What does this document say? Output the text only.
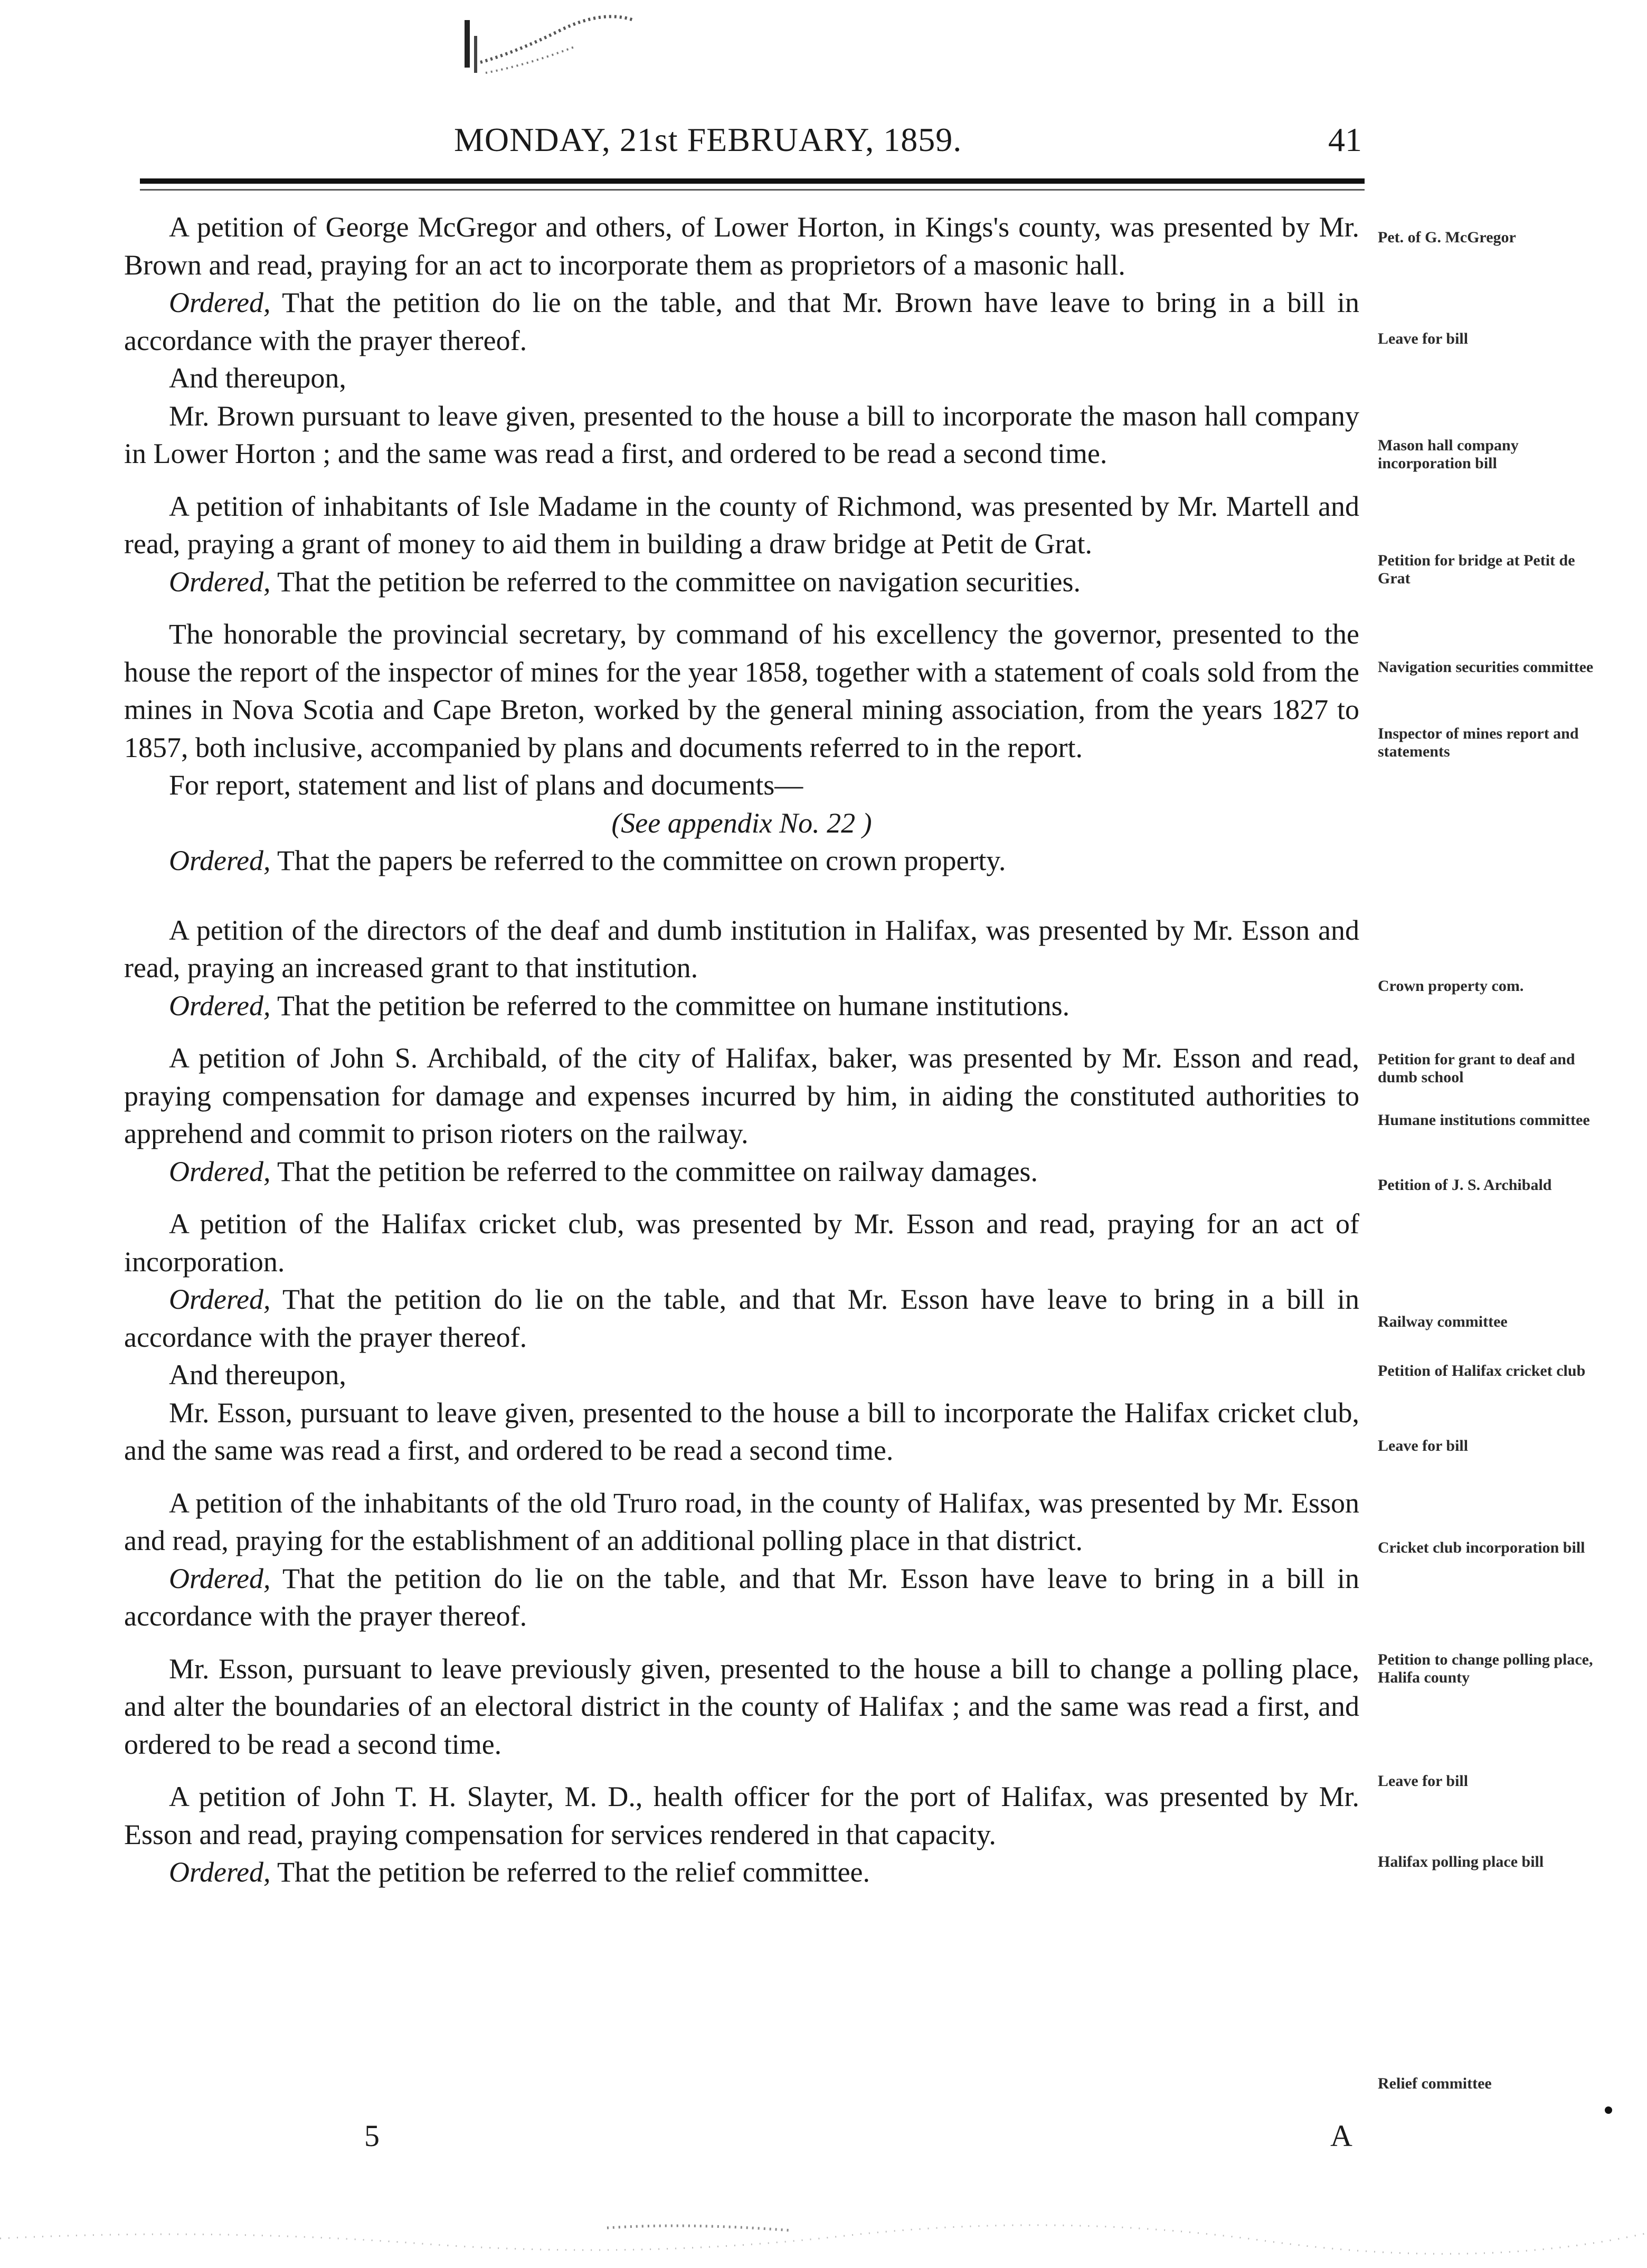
MONDAY, 21st FEBRUARY, 1859.	41

A petition of George McGregor and others, of Lower Horton, in Kings's county, was presented by Mr. Brown and read, praying for an act to incorporate them as proprietors of a masonic hall.

Ordered, That the petition do lie on the table, and that Mr. Brown have leave to bring in a bill in accordance with the prayer thereof.

And thereupon,

Mr. Brown pursuant to leave given, presented to the house a bill to incorporate the mason hall company in Lower Horton ; and the same was read a first, and ordered to be read a second time.

A petition of inhabitants of Isle Madame in the county of Richmond, was presented by Mr. Martell and read, praying a grant of money to aid them in building a draw bridge at Petit de Grat.

Ordered, That the petition be referred to the committee on navigation securities.

The honorable the provincial secretary, by command of his excellency the governor, presented to the house the report of the inspector of mines for the year 1858, together with a statement of coals sold from the mines in Nova Scotia and Cape Breton, worked by the general mining association, from the years 1827 to 1857, both inclusive, accompanied by plans and documents referred to in the report.

For report, statement and list of plans and documents—

(See appendix No. 22 )

Ordered, That the papers be referred to the committee on crown property.

A petition of the directors of the deaf and dumb institution in Halifax, was presented by Mr. Esson and read, praying an increased grant to that institution.

Ordered, That the petition be referred to the committee on humane institutions.

A petition of John S. Archibald, of the city of Halifax, baker, was presented by Mr. Esson and read, praying compensation for damage and expenses incurred by him, in aiding the constituted authorities to apprehend and commit to prison rioters on the railway.

Ordered, That the petition be referred to the committee on railway damages.

A petition of the Halifax cricket club, was presented by Mr. Esson and read, praying for an act of incorporation.

Ordered, That the petition do lie on the table, and that Mr. Esson have leave to bring in a bill in accordance with the prayer thereof.

And thereupon,

Mr. Esson, pursuant to leave given, presented to the house a bill to incorporate the Halifax cricket club, and the same was read a first, and ordered to be read a second time.

A petition of the inhabitants of the old Truro road, in the county of Halifax, was presented by Mr. Esson and read, praying for the establishment of an additional polling place in that district.

Ordered, That the petition do lie on the table, and that Mr. Esson have leave to bring in a bill in accordance with the prayer thereof.

Mr. Esson, pursuant to leave previously given, presented to the house a bill to change a polling place, and alter the boundaries of an electoral district in the county of Halifax ; and the same was read a first, and ordered to be read a second time.

A petition of John T. H. Slayter, M. D., health officer for the port of Halifax, was presented by Mr. Esson and read, praying compensation for services rendered in that capacity.

Ordered, That the petition be referred to the relief committee.

Pet. of G. McGregor
Leave for bill
Mason hall company incorporation bill
Petition for bridge at Petit de Grat
Navigation securities committee
Inspector of mines report and statements
Crown property com.
Petition for grant to deaf and dumb school
Humane institutions committee
Petition of J. S. Archibald
Railway committee
Petition of Halifax cricket club
Leave for bill
Cricket club incorporation bill
Petition to change polling place, Halifa county
Leave for bill
Halifax polling place bill
Relief committee
5	A
